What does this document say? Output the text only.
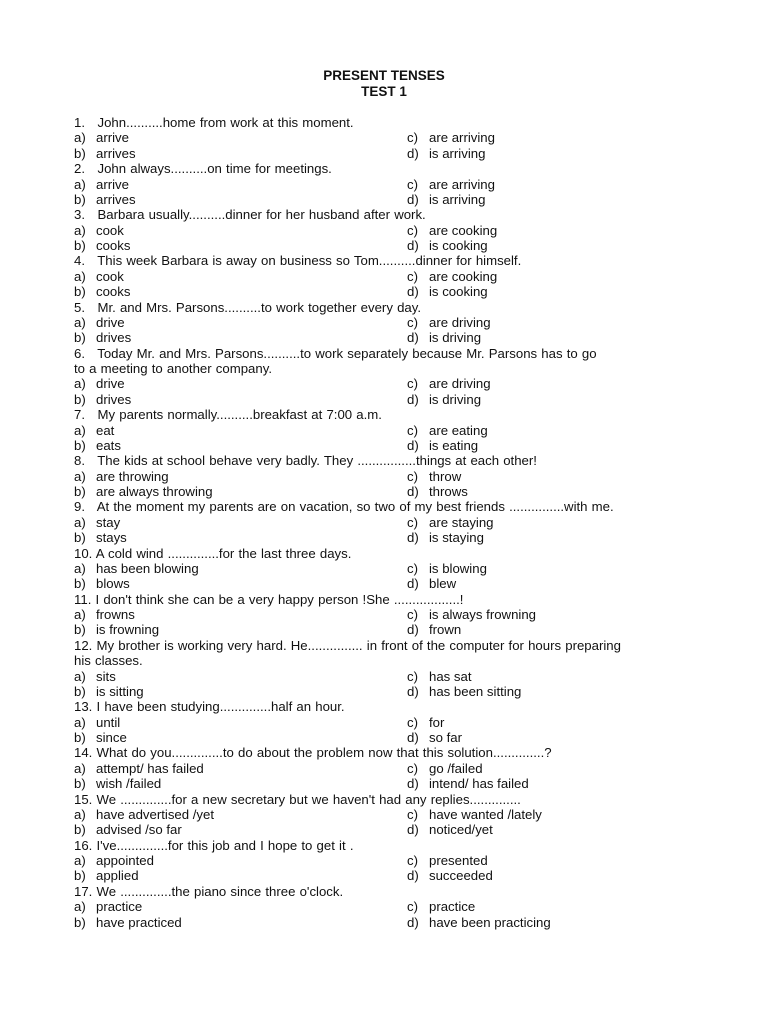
PRESENT TENSES
TEST 1
1.   John..........home from work at this moment.
a) arrive	c) are arriving
b) arrives	d) is arriving
2.   John always..........on time for meetings.
a) arrive	c) are arriving
b) arrives	d) is arriving
3.   Barbara usually..........dinner for her husband after work.
a) cook	c) are cooking
b) cooks	d) is cooking
4.   This week Barbara is away on business so Tom..........dinner for himself.
a) cook	c) are cooking
b) cooks	d) is cooking
5.   Mr. and Mrs. Parsons..........to work together every day.
a) drive	c) are driving
b) drives	d) is driving
6.   Today Mr. and Mrs. Parsons..........to work separately because Mr. Parsons has to go
to a meeting to another company.
a) drive	c) are driving
b) drives	d) is driving
7.   My parents normally..........breakfast at 7:00 a.m.
a) eat	c) are eating
b) eats	d) is eating
8.   The kids at school behave very badly. They ................things at each other!
a) are throwing	c) throw
b) are always throwing	d) throws
9.   At the moment my parents are on vacation, so two of my best friends ...............with me.
a) stay	c) are staying
b) stays	d) is staying
10. A cold wind ..............for the last three days.
a) has been blowing	c) is blowing
b) blows	d) blew
11. I don't think she can be a very happy person !She ..................!
a) frowns	c) is always frowning
b) is frowning	d) frown
12. My brother is working very hard. He............... in front of the computer for hours preparing
his classes.
a) sits	c) has sat
b) is sitting	d) has been sitting
13. I have been studying..............half an hour.
a) until	c) for
b) since	d) so far
14. What do you..............to do about the problem now that this solution..............?
a) attempt/ has failed	c) go /failed
b) wish /failed	d) intend/ has failed
15. We ..............for a new secretary but we haven't had any replies..............
a) have advertised /yet	c) have wanted /lately
b) advised /so far	d) noticed/yet
16. I've..............for this job and I hope to get it .
a) appointed	c) presented
b) applied	d) succeeded
17. We ..............the piano since three o'clock.
a) practice	c) practice
b) have practiced	d) have been practicing
